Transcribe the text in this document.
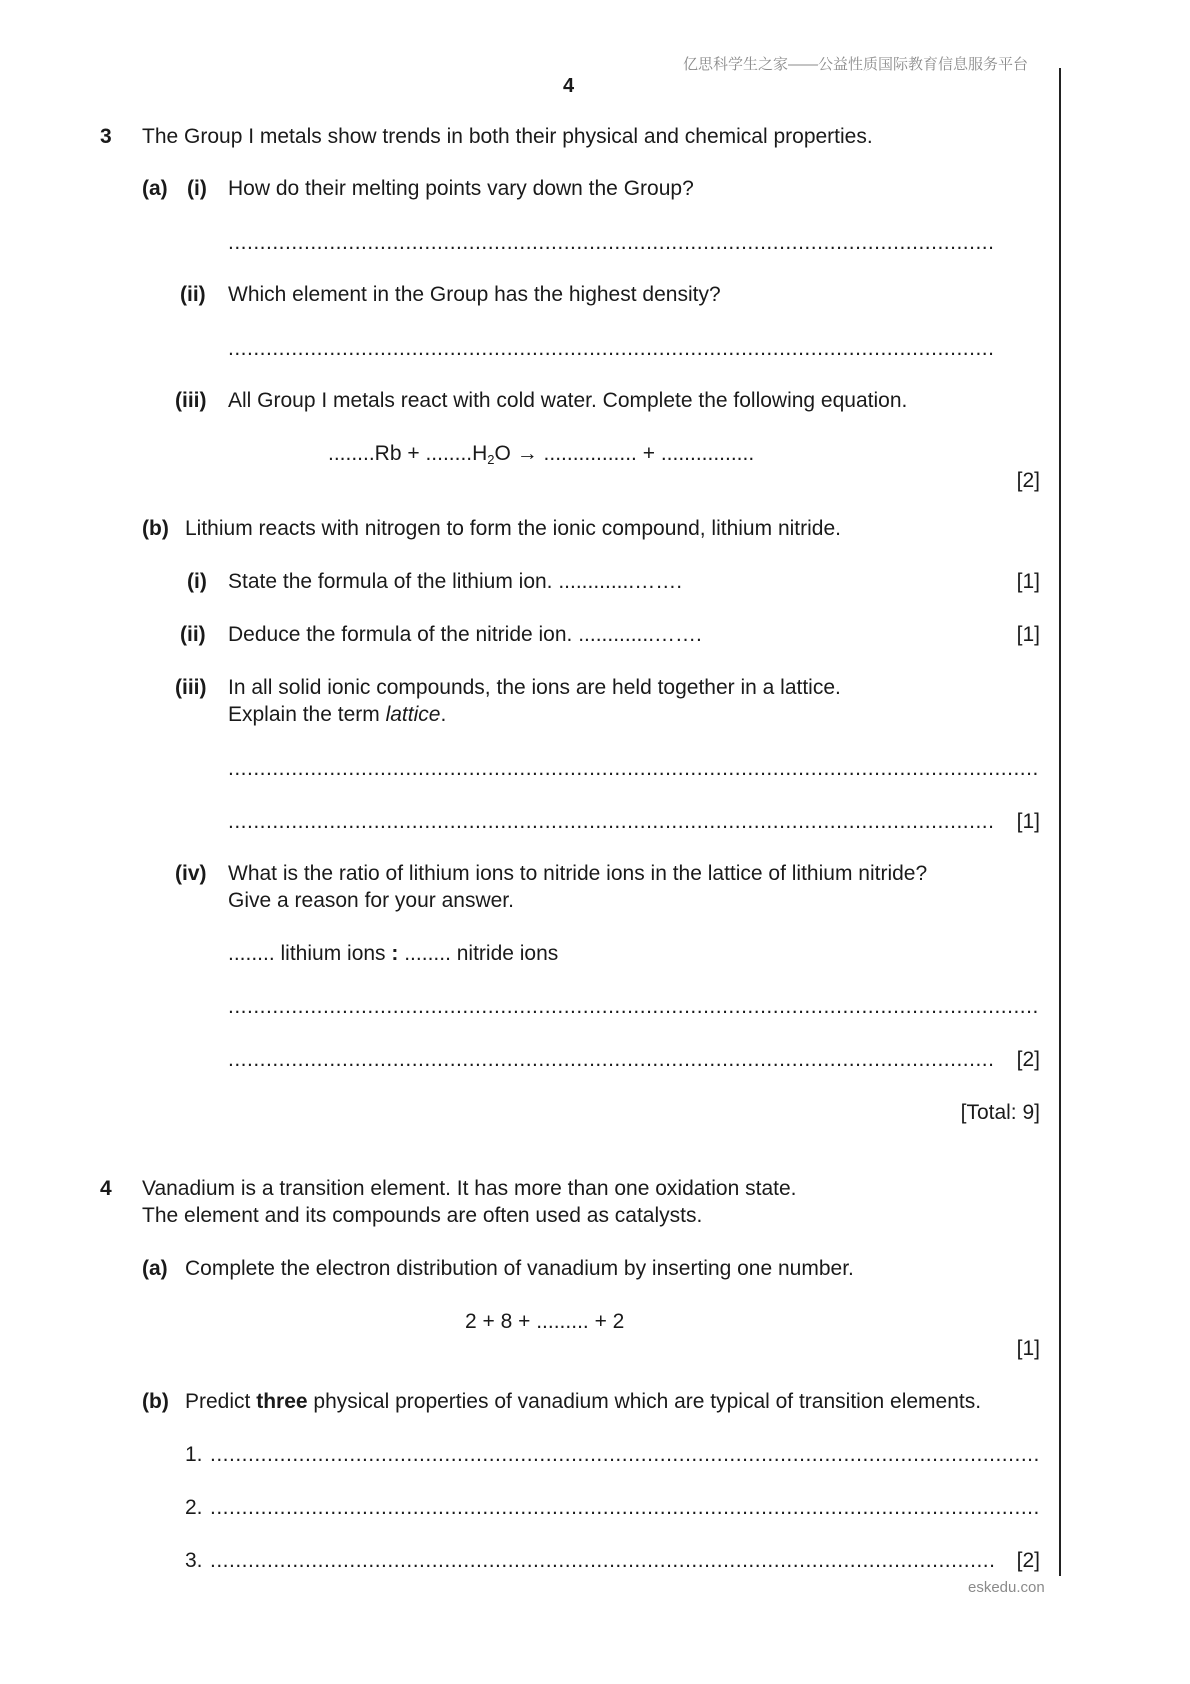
亿思科学生之家——公益性质国际教育信息服务平台
4
3 The Group I metals show trends in both their physical and chemical properties.
(a) (i) How do their melting points vary down the Group?
.....
(ii) Which element in the Group has the highest density?
.....
(iii) All Group I metals react with cold water. Complete the following equation.
$........Rb + ........H_2O$ → ................ + ................
[2]
(b) Lithium reacts with nitrogen to form the ionic compound, lithium nitride.
(i) State the formula of the lithium ion. .............…….	[1]
(ii) Deduce the formula of the nitride ion. .............…….	[1]
(iii) In all solid ionic compounds, the ions are held together in a lattice.
Explain the term lattice.
.....
.....
[1]
(iv) What is the ratio of lithium ions to nitride ions in the lattice of lithium nitride?
Give a reason for your answer.
........ lithium ions : ........ nitride ions
.....
.....
[2]
[Total: 9]
4 Vanadium is a transition element. It has more than one oxidation state.
The element and its compounds are often used as catalysts.
(a) Complete the electron distribution of vanadium by inserting one number.
2 + 8 + ......... + 2
[1]
(b) Predict three physical properties of vanadium which are typical of transition elements.
1.
.....
2.
.....
3.
.....	[2]
eskedu.con
